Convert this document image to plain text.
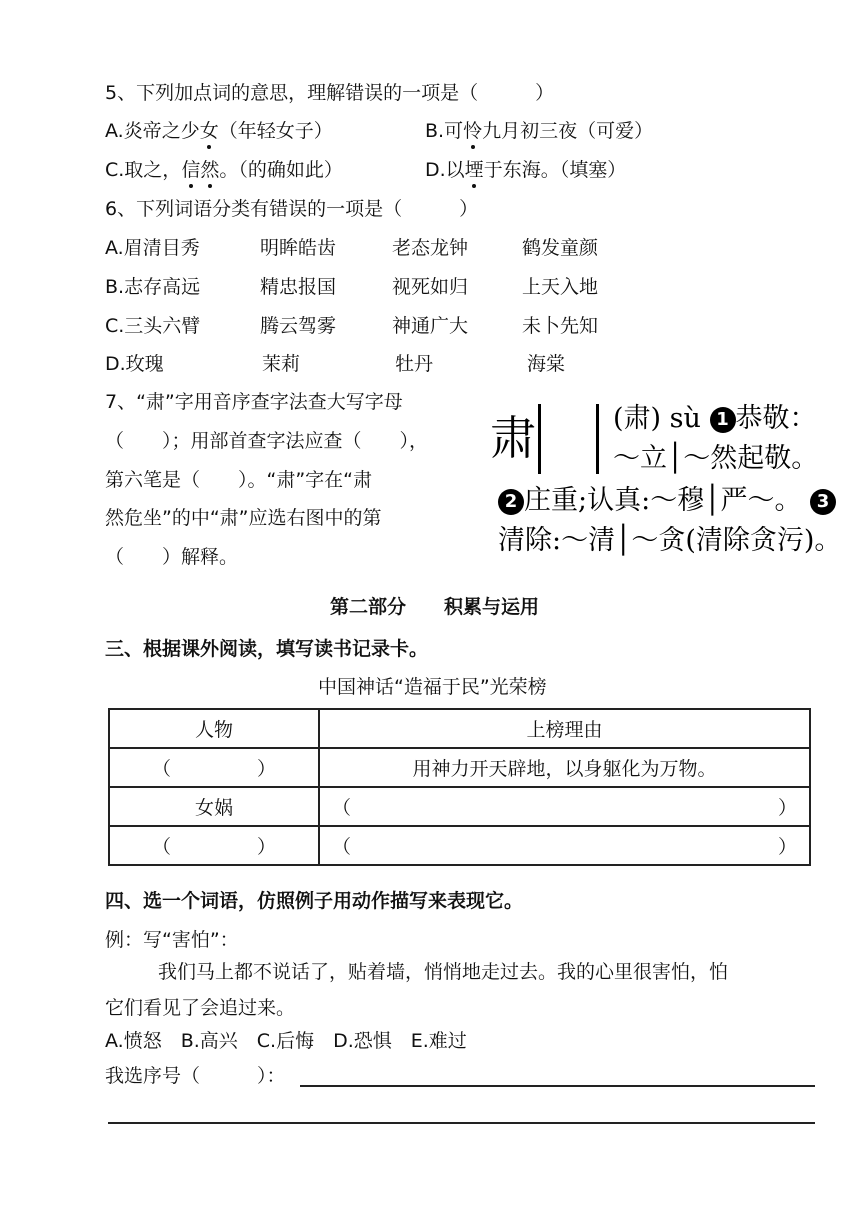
5、下列加点词的意思，理解错误的一项是（　　　）
A.炎帝之少女（年轻女子）	B.可怜九月初三夜（可爱）
C.取之，信然。（的确如此）	D.以堙于东海。（填塞）
6、下列词语分类有错误的一项是（　　　）
A.眉清目秀	明眸皓齿	老态龙钟	鹤发童颜
B.志存高远	精忠报国	视死如归	上天入地
C.三头六臂	腾云驾雾	神通广大	未卜先知
D.玫瑰	茉莉	牡丹	海棠
7、“肃”字用音序查字法查大写字母
（　　）；用部首查字法应查（　　），
第六笔是（　　）。“肃”字在“肃
然危坐”的中“肃”应选右图中的第
（　　）解释。
肃	(肃) sù 1 恭敬：
～立│～然起敬。
2 庄重;认真:～穆│严～。 3
清除:～清│～贪(清除贪污)。
第二部分　　积累与运用
三、根据课外阅读，填写读书记录卡。
中国神话“造福于民”光荣榜
人物	上榜理由

（ ）	用神力开天辟地，以身躯化为万物。
女娲	（ ）

（ ）	（ ）
四、选一个词语，仿照例子用动作描写来表现它。
例：写“害怕”：
我们马上都不说话了，贴着墙，悄悄地走过去。我的心里很害怕，怕
它们看见了会追过来。
A.愤怒　B.高兴　C.后悔　D.恐惧　E.难过
我选序号（　　　）：
